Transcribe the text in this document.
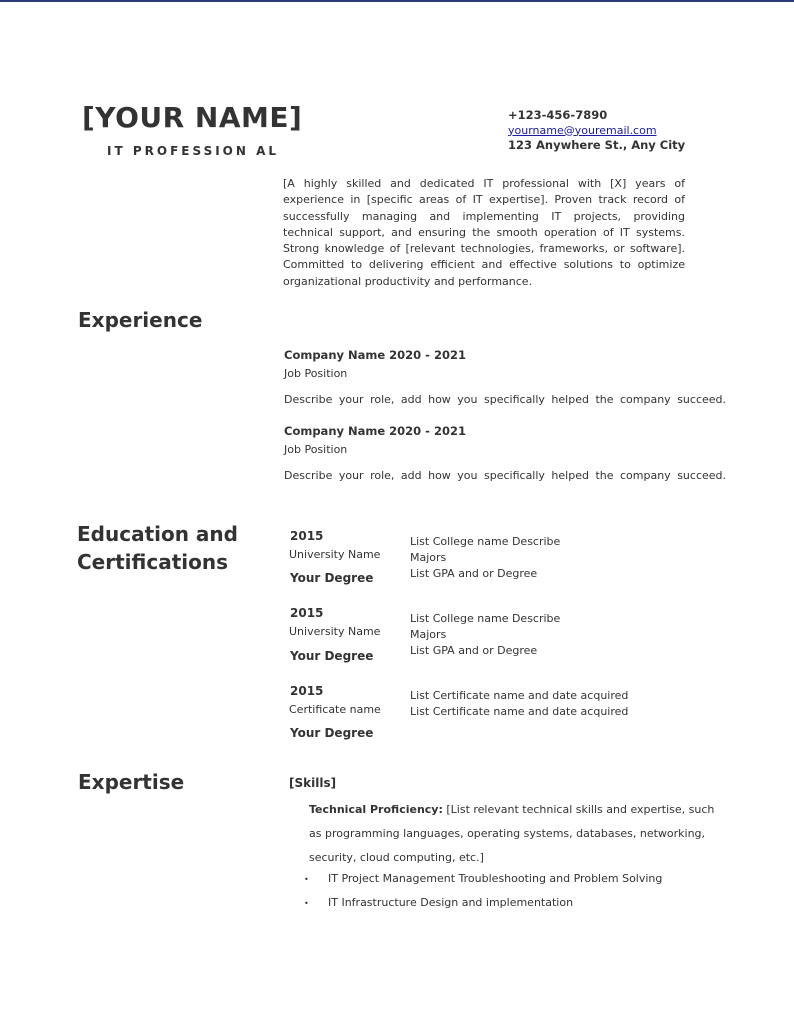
[YOUR NAME]
IT PROFESSION AL
+123-456-7890
yourname@youremail.com
123 Anywhere St., Any City
[A highly skilled and dedicated IT professional with [X] years of experience in [specific areas of IT expertise]. Proven track record of successfully managing and implementing IT projects, providing technical support, and ensuring the smooth operation of IT systems. Strong knowledge of [relevant technologies, frameworks, or software]. Committed to delivering efficient and effective solutions to optimize organizational productivity and performance.
Experience
Company Name 2020 - 2021
Job Position
Describe your role, add how you specifically helped the company succeed.
Company Name 2020 - 2021
Job Position
Describe your role, add how you specifically helped the company succeed.
Education and
Certifications
2015
University Name
Your Degree
List College name Describe
Majors
List GPA and or Degree
2015
University Name
Your Degree
List College name Describe
Majors
List GPA and or Degree
2015
Certificate name
Your Degree
List Certificate name and date acquired
List Certificate name and date acquired
Expertise	[Skills]
Technical Proficiency: [List relevant technical skills and expertise, such as programming languages, operating systems, databases, networking, security, cloud computing, etc.]
• IT Project Management Troubleshooting and Problem Solving
• IT Infrastructure Design and implementation
